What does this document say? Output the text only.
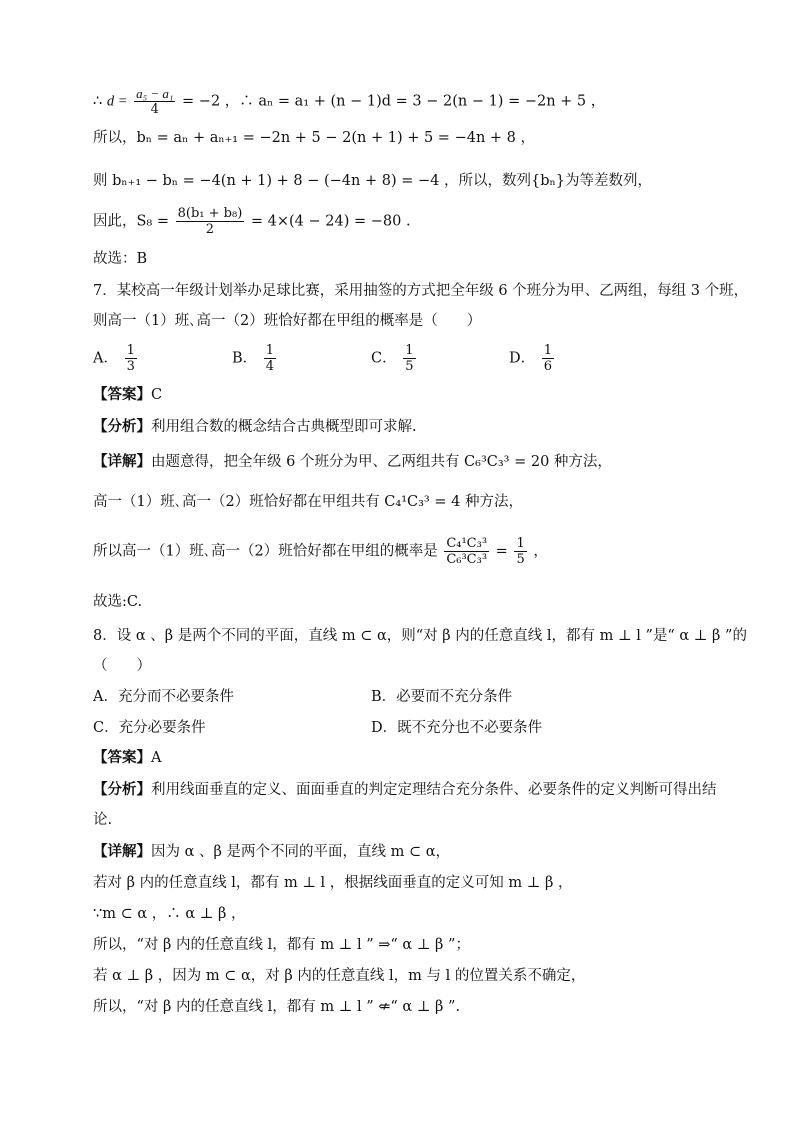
∴ $d = \frac{\text{a₅ − a₁}}{4} = -2$ ，∴ aₙ = a₁ + (n − 1)d = 3 − 2(n − 1) = −2n + 5 ，
所以，bₙ = aₙ + aₙ₊₁ = −2n + 5 − 2(n + 1) + 5 = −4n + 8 ，
则 bₙ₊₁ − bₙ = −4(n + 1) + 8 − (−4n + 8) = −4 ，所以，数列{bₙ}为等差数列，
因此，$S_8 = \frac{\text{8(b₁ + b₈)}}{2} = 4\times(4 - 24) = -80$ .
故选：B
7．某校高一年级计划举办足球比赛，采用抽签的方式把全年级 6 个班分为甲、乙两组，每组 3 个班，
则高一（1）班､高一（2）班恰好都在甲组的概率是（　　）
A． $\frac{1}{3}$	B． $\frac{1}{4}$	C． $\frac{1}{5}$	D． $\frac{1}{6}$
【答案】C
【分析】利用组合数的概念结合古典概型即可求解.
【详解】由题意得，把全年级 6 个班分为甲、乙两组共有 C₆³C₃³ = 20 种方法，
高一（1）班､高一（2）班恰好都在甲组共有 C₄¹C₃³ = 4 种方法，
所以高一（1）班､高一（2）班恰好都在甲组的概率是 $\frac{\text{C₄¹C₃³}}{\text{C₆³C₃³}} = \frac{1}{5}$ ，
故选:C.
8．设 α 、β 是两个不同的平面，直线 m ⊂ α，则“对 β 内的任意直线 l，都有 m ⊥ l ”是“ α ⊥ β ”的
（　　）
A．充分而不必要条件	B．必要而不充分条件
C．充分必要条件	D．既不充分也不必要条件
【答案】A
【分析】利用线面垂直的定义、面面垂直的判定定理结合充分条件、必要条件的定义判断可得出结
论.
【详解】因为 α 、β 是两个不同的平面，直线 m ⊂ α，
若对 β 内的任意直线 l，都有 m ⊥ l ，根据线面垂直的定义可知 m ⊥ β ，
∵m ⊂ α ，∴ α ⊥ β ，
所以，“对 β 内的任意直线 l，都有 m ⊥ l ” ⇒“ α ⊥ β ”；
若 α ⊥ β ，因为 m ⊂ α，对 β 内的任意直线 l，m 与 l 的位置关系不确定，
所以，“对 β 内的任意直线 l，都有 m ⊥ l ” ⇍“ α ⊥ β ”.
